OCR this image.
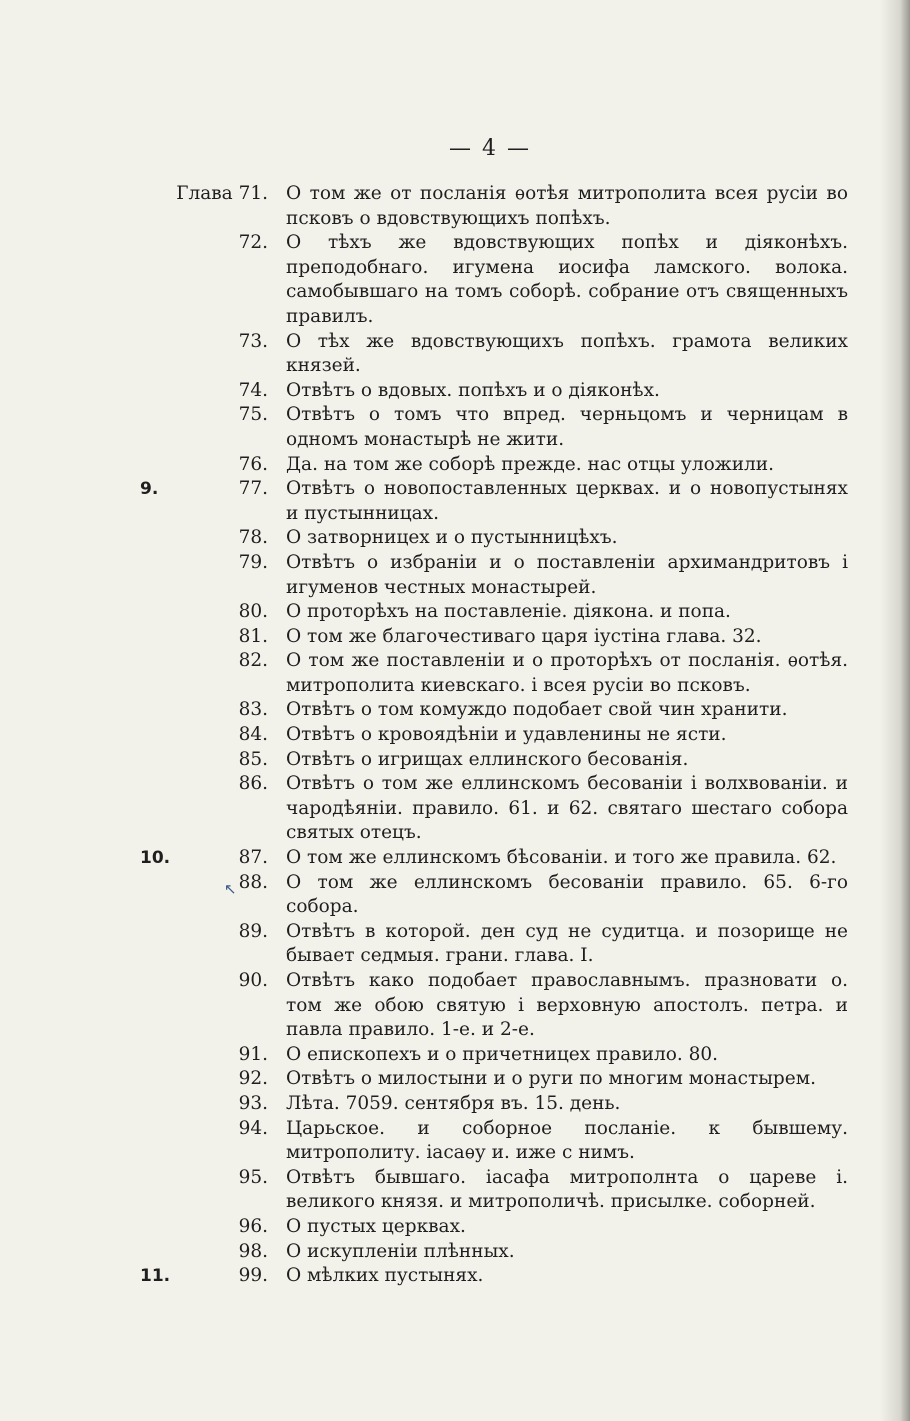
— 4 —
Глава 71. О том же от посланія ѳотѣя митрополита всея русіи во псковъ о вдовствующихъ попѣхъ.
72. О тѣхъ же вдовствующих попѣх и діяконѣхъ. преподобнаго. игумена иосифа ламского. волока. самобывшаго на томъ соборѣ. собрание отъ священныхъ правилъ.
73. О тѣх же вдовствующихъ попѣхъ. грамота великих князей.
74. Отвѣтъ о вдовых. попѣхъ и о діяконѣх.
75. Отвѣтъ о томъ что впред. черньцомъ и черницам в одномъ монастырѣ не жити.
76. Да. на том же соборѣ прежде. нас отцы уложили.
9.	77. Отвѣтъ о новопоставленных церквах. и о новопустынях и пустынницах.
78. О затворницех и о пустынницѣхъ.
79. Отвѣтъ о избраніи и о поставленіи архимандритовъ і игуменов честных монастырей.
80. О проторѣхъ на поставленіе. діякона. и попа.
81. О том же благочестиваго царя іустіна глава. 32.
82. О том же поставленіи и о проторѣхъ от посланія. ѳотѣя. митрополита киевскаго. і всея русіи во псковъ.
83. Отвѣтъ о том комуждо подобает свой чин хранити.
84. Отвѣтъ о кровоядѣніи и удавленины не ясти.
85. Отвѣтъ о игрищах еллинского бесованія.
86. Отвѣтъ о том же еллинскомъ бесованіи і волхвованіи. и чародѣяніи. правило. 61. и 62. святаго шестаго собора святых отецъ.
10.	87. О том же еллинскомъ бѣсованіи. и того же правила. 62.
↖ 88. О том же еллинскомъ бесованіи правило. 65. 6-го собора.
89. Отвѣтъ в которой. ден суд не судитца. и позорище не бывает седмыя. грани. глава. І.
90. Отвѣтъ како подобает православнымъ. празновати о. том же обою святую і верховную апостолъ. петра. и павла правило. 1-е. и 2-е.
91. О епископехъ и о причетницех правило. 80.
92. Отвѣтъ о милостыни и о руги по многим монастырем.
93. Лѣта. 7059. сентября въ. 15. день.
94. Царьское. и соборное посланіе. к бывшему. митрополиту. іасаѳу и. иже с нимъ.
95. Отвѣтъ бывшаго. іасафа митрополнта о цареве і. великого князя. и митрополичѣ. присылке. соборней.
96. О пустых церквах.
98. О искупленіи плѣнных.
11.	99. О мѣлких пустынях.
